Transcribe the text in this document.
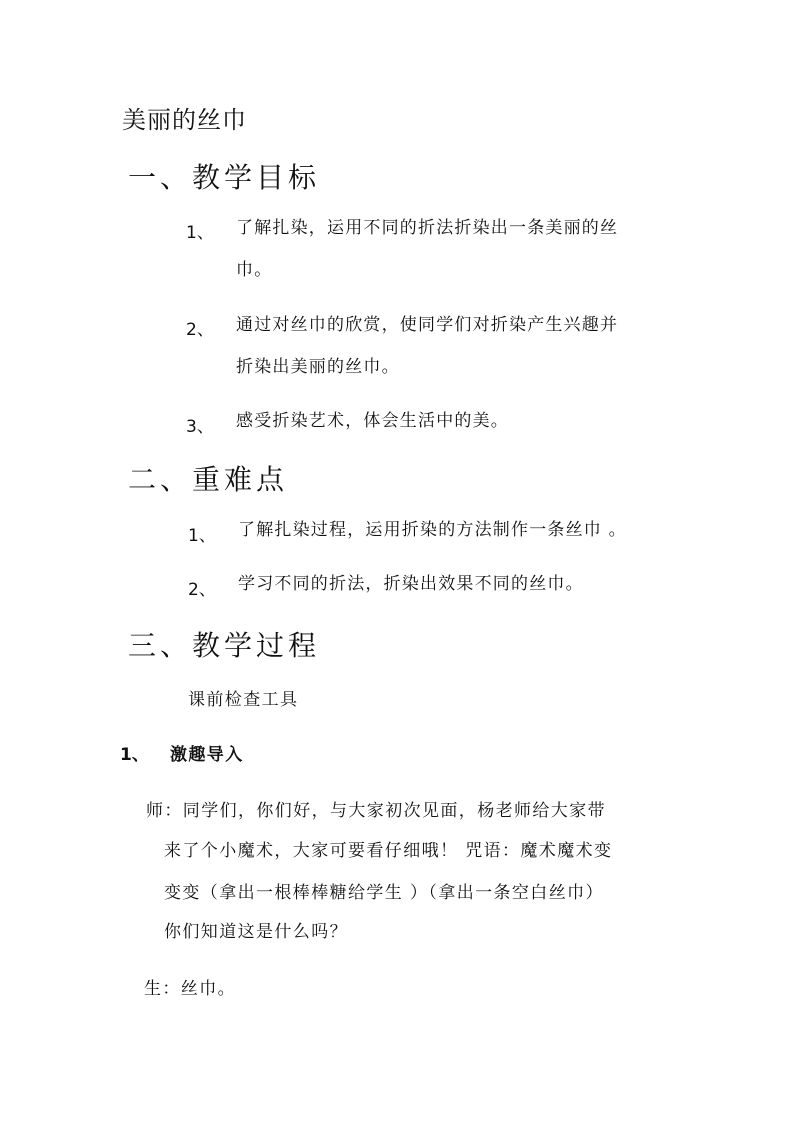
美丽的丝巾
一、教学目标
1、 了解扎染，运用不同的折法折染出一条美丽的丝
巾。
2、 通过对丝巾的欣赏，使同学们对折染产生兴趣并
折染出美丽的丝巾。
3、 感受折染艺术，体会生活中的美。
二、重难点
1、 了解扎染过程，运用折染的方法制作一条丝巾 。
2、 学习不同的折法，折染出效果不同的丝巾。
三、教学过程
课前检查工具
1、 激趣导入
师：同学们，你们好，与大家初次见面，杨老师给大家带
来了个小魔术，大家可要看仔细哦！ 咒语：魔术魔术变
变变（拿出一根棒棒糖给学生 ）（拿出一条空白丝巾）
你们知道这是什么吗？
生：丝巾。
